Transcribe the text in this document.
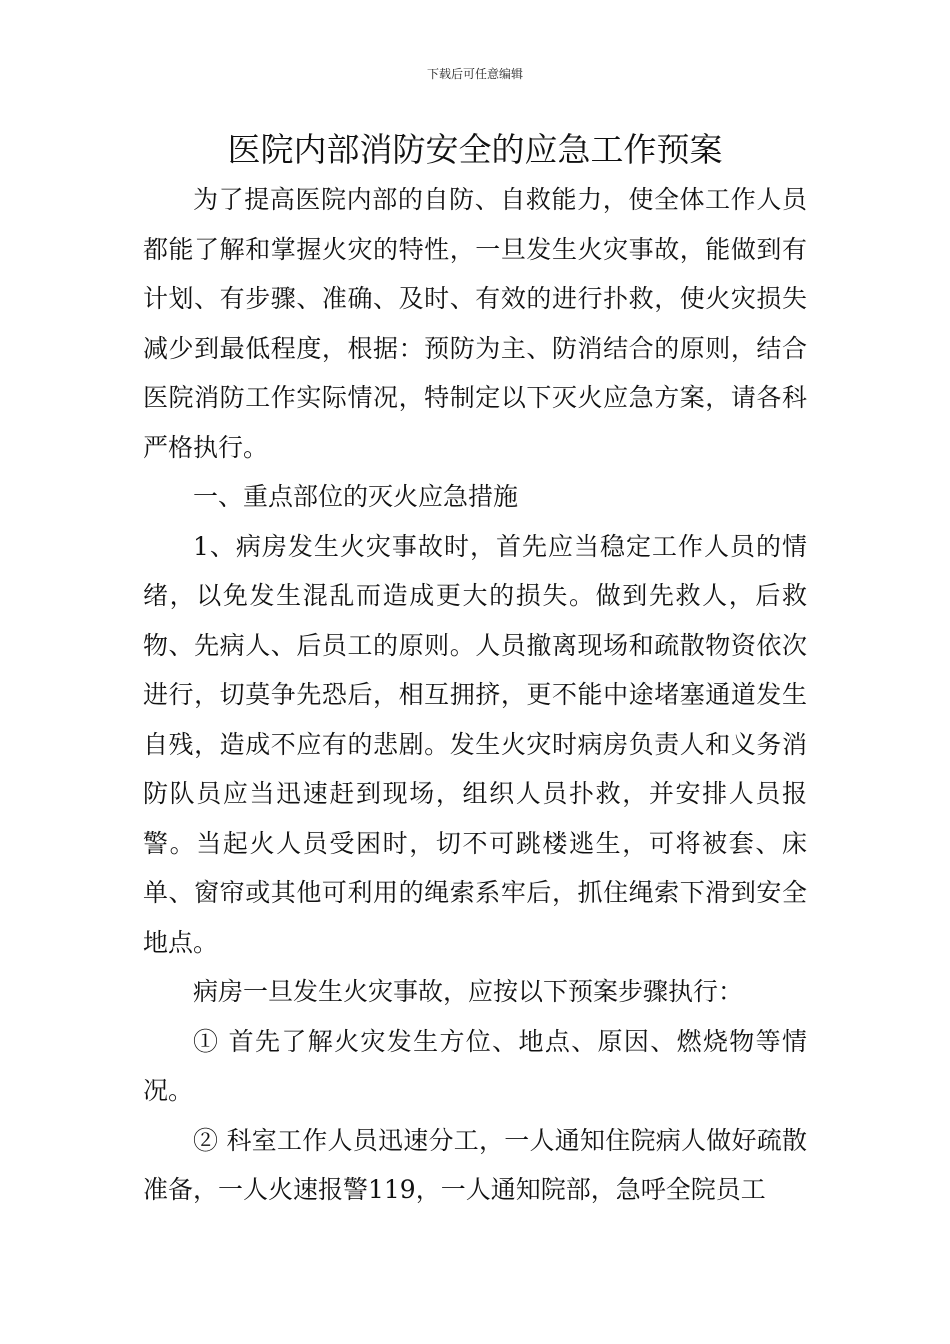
下载后可任意编辑
医院内部消防安全的应急工作预案

为了提高医院内部的自防、自救能力，使全体工作人员都能了解和掌握火灾的特性，一旦发生火灾事故，能做到有计划、有步骤、准确、及时、有效的进行扑救，使火灾损失减少到最低程度，根据：预防为主、防消结合的原则，结合医院消防工作实际情况，特制定以下灭火应急方案，请各科严格执行。

一、重点部位的灭火应急措施

1、病房发生火灾事故时，首先应当稳定工作人员的情绪，以免发生混乱而造成更大的损失。做到先救人，后救物、先病人、后员工的原则。人员撤离现场和疏散物资依次进行，切莫争先恐后，相互拥挤，更不能中途堵塞通道发生自残，造成不应有的悲剧。发生火灾时病房负责人和义务消防队员应当迅速赶到现场，组织人员扑救，并安排人员报警。当起火人员受困时，切不可跳楼逃生，可将被套、床单、窗帘或其他可利用的绳索系牢后，抓住绳索下滑到安全地点。

病房一旦发生火灾事故，应按以下预案步骤执行：

① 首先了解火灾发生方位、地点、原因、燃烧物等情况。

② 科室工作人员迅速分工，一人通知住院病人做好疏散准备，一人火速报警119，一人通知院部，急呼全院员工
